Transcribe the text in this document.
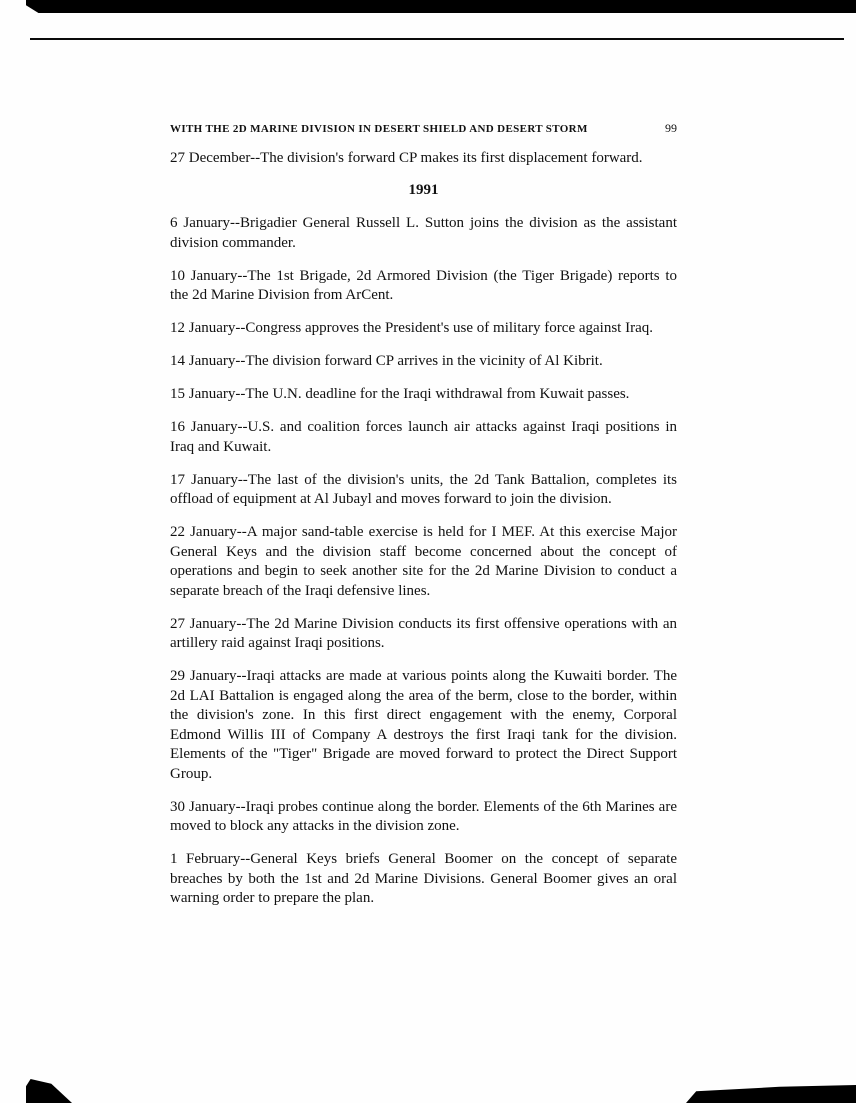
WITH THE 2D MARINE DIVISION IN DESERT SHIELD AND DESERT STORM	99

27 December--The division's forward CP makes its first displacement forward.

1991

6 January--Brigadier General Russell L. Sutton joins the division as the assistant division commander.

10 January--The 1st Brigade, 2d Armored Division (the Tiger Brigade) reports to the 2d Marine Division from ArCent.

12 January--Congress approves the President's use of military force against Iraq.

14 January--The division forward CP arrives in the vicinity of Al Kibrit.

15 January--The U.N. deadline for the Iraqi withdrawal from Kuwait passes.

16 January--U.S. and coalition forces launch air attacks against Iraqi positions in Iraq and Kuwait.

17 January--The last of the division's units, the 2d Tank Battalion, completes its offload of equipment at Al Jubayl and moves forward to join the division.

22 January--A major sand-table exercise is held for I MEF. At this exercise Major General Keys and the division staff become concerned about the concept of operations and begin to seek another site for the 2d Marine Division to conduct a separate breach of the Iraqi defensive lines.

27 January--The 2d Marine Division conducts its first offensive operations with an artillery raid against Iraqi positions.

29 January--Iraqi attacks are made at various points along the Kuwaiti border. The 2d LAI Battalion is engaged along the area of the berm, close to the border, within the division's zone. In this first direct engagement with the enemy, Corporal Edmond Willis III of Company A destroys the first Iraqi tank for the division. Elements of the "Tiger" Brigade are moved forward to protect the Direct Support Group.

30 January--Iraqi probes continue along the border. Elements of the 6th Marines are moved to block any attacks in the division zone.

1 February--General Keys briefs General Boomer on the concept of separate breaches by both the 1st and 2d Marine Divisions. General Boomer gives an oral warning order to prepare the plan.
